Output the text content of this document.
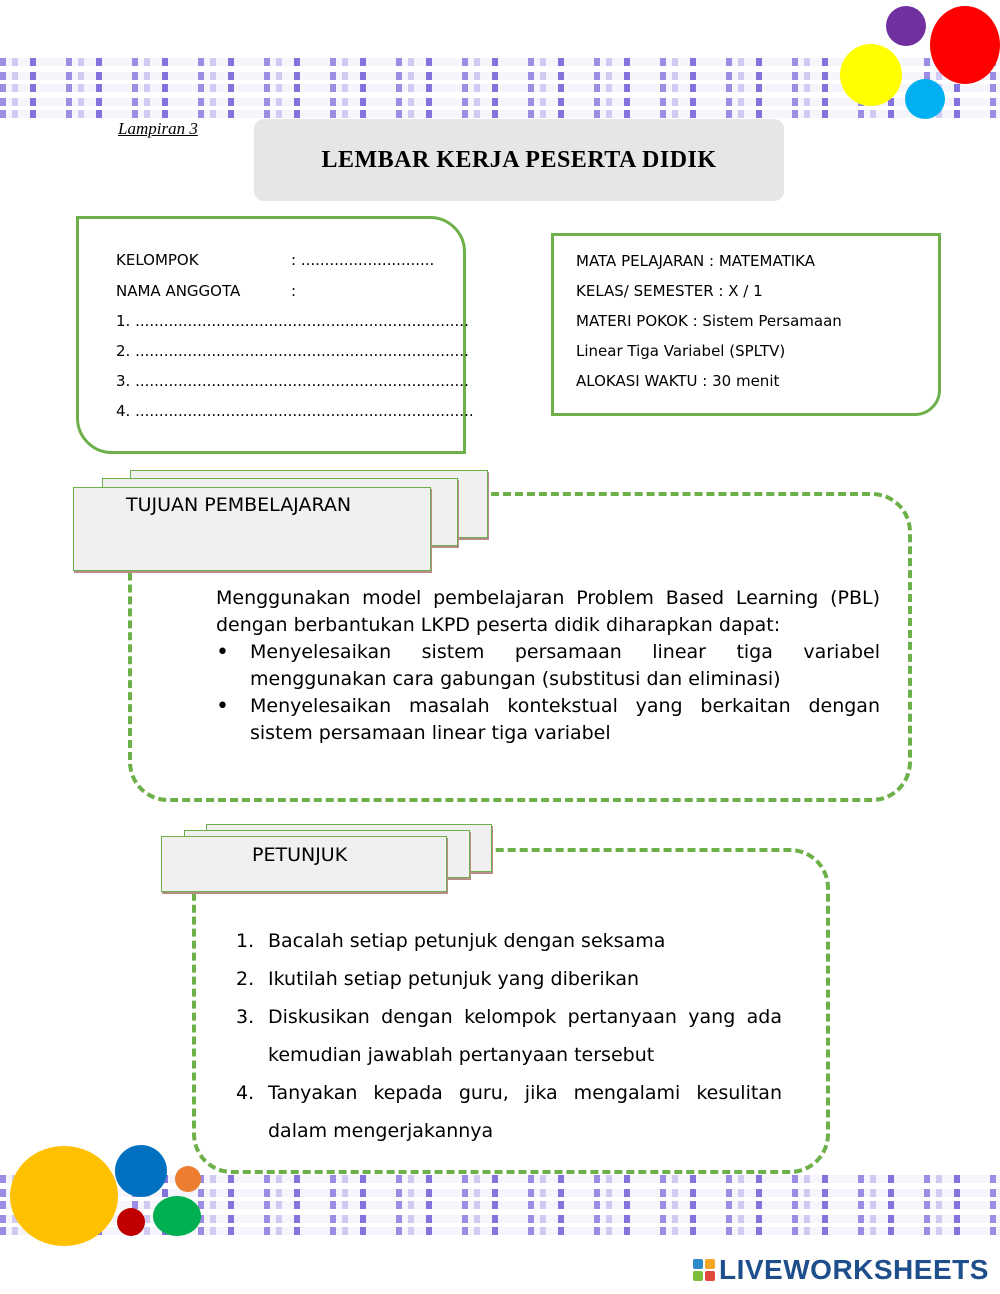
Lampiran 3
LEMBAR KERJA PESERTA DIDIK
KELOMPOK	: ............................
NAMA ANGGOTA	:
1. ......................................................................
2. ......................................................................
3. ......................................................................
4. .......................................................................
MATA PELAJARAN : MATEMATIKA
KELAS/ SEMESTER : X / 1
MATERI POKOK : Sistem Persamaan
Linear Tiga Variabel (SPLTV)
ALOKASI WAKTU : 30 menit
TUJUAN PEMBELAJARAN

Menggunakan model pembelajaran Problem Based Learning (PBL) dengan berbantukan LKPD peserta didik diharapkan dapat:

• Menyelesaikan sistem persamaan linear tiga variabel menggunakan cara gabungan (substitusi dan eliminasi)

• Menyelesaikan masalah kontekstual yang berkaitan dengan sistem persamaan linear tiga variabel

PETUNJUK
1. Bacalah setiap petunjuk dengan seksama
2. Ikutilah setiap petunjuk yang diberikan
3. Diskusikan dengan kelompok pertanyaan yang ada kemudian jawablah pertanyaan tersebut
4. Tanyakan kepada guru, jika mengalami kesulitan dalam mengerjakannya
LIVEWORKSHEETS
